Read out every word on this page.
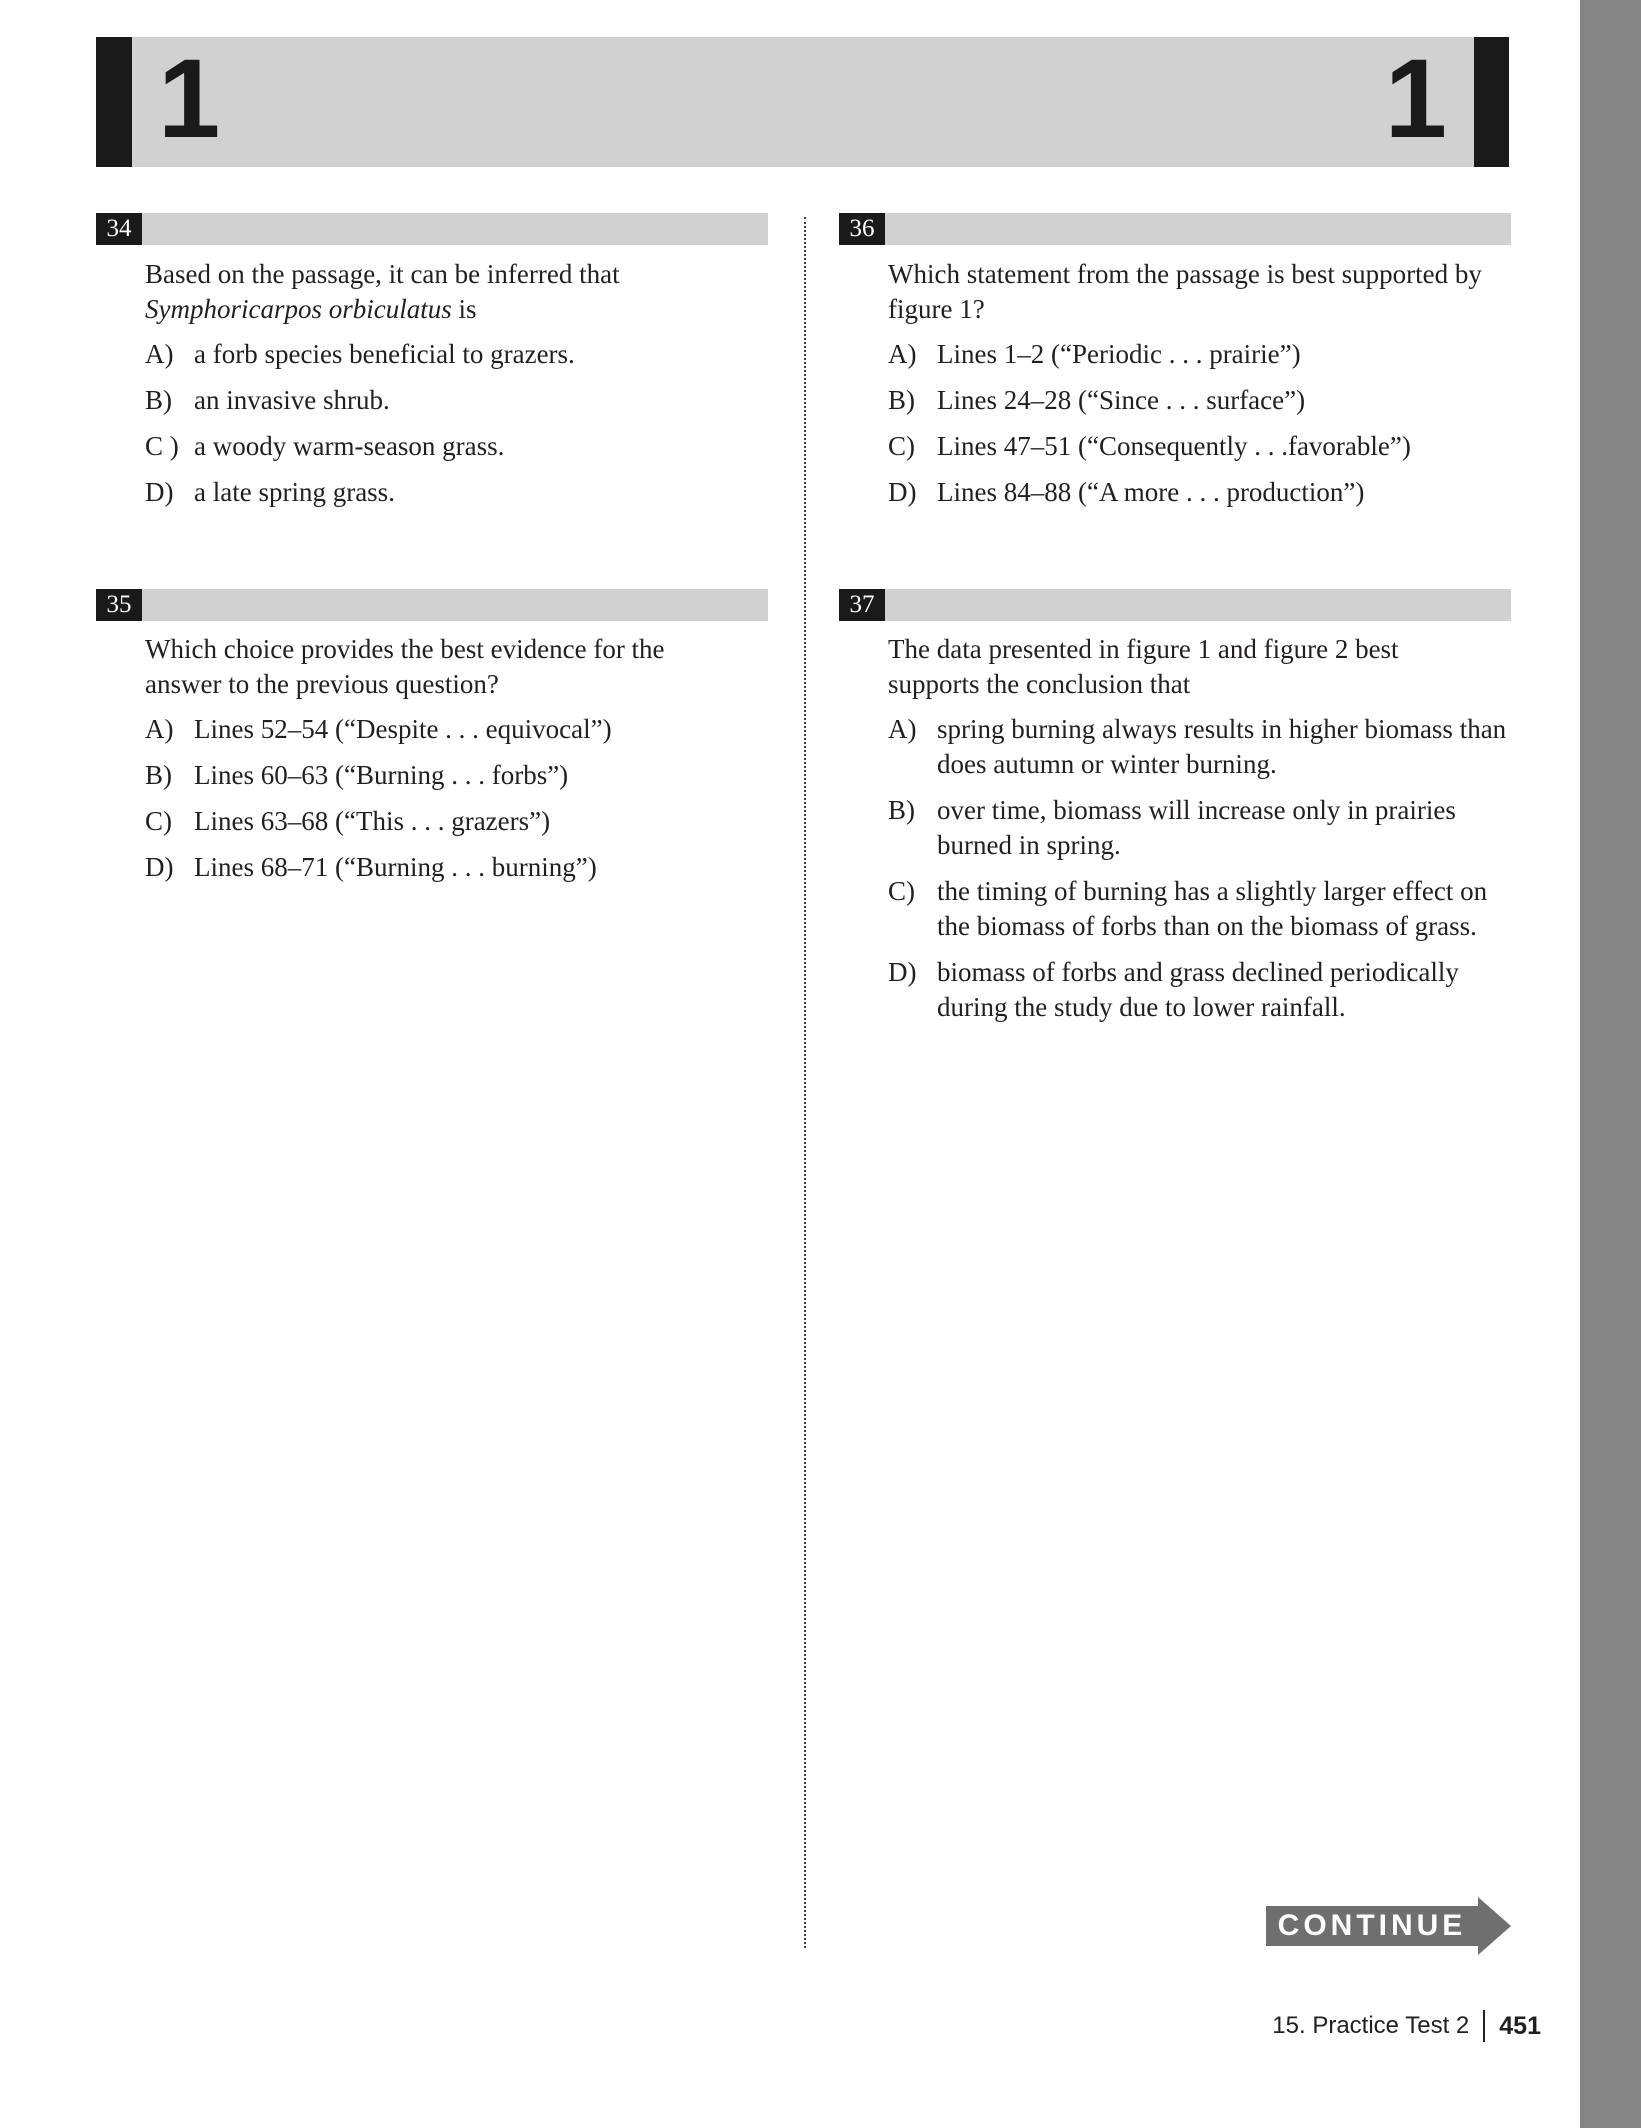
1	1
34
Based on the passage, it can be inferred that
Symphoricarpos orbiculatus is
A) a forb species beneficial to grazers.
B) an invasive shrub.
C ) a woody warm-season grass.
D) a late spring grass.
35
Which choice provides the best evidence for the answer to the previous question?
A) Lines 52–54 (“Despite . . . equivocal”)
B) Lines 60–63 (“Burning . . . forbs”)
C) Lines 63–68 (“This . . . grazers”)
D) Lines 68–71 (“Burning . . . burning”)
36
Which statement from the passage is best supported by figure 1?
A) Lines 1–2 (“Periodic . . . prairie”)
B) Lines 24–28 (“Since . . . surface”)
C) Lines 47–51 (“Consequently . . .favorable”)
D) Lines 84–88 (“A more . . . production”)
37
The data presented in figure 1 and figure 2 best supports the conclusion that
A) spring burning always results in higher biomass than does autumn or winter burning.
B) over time, biomass will increase only in prairies burned in spring.
C) the timing of burning has a slightly larger effect on the biomass of forbs than on the biomass of grass.
D) biomass of forbs and grass declined periodically during the study due to lower rainfall.
CONTINUE
15. Practice Test 2 451
